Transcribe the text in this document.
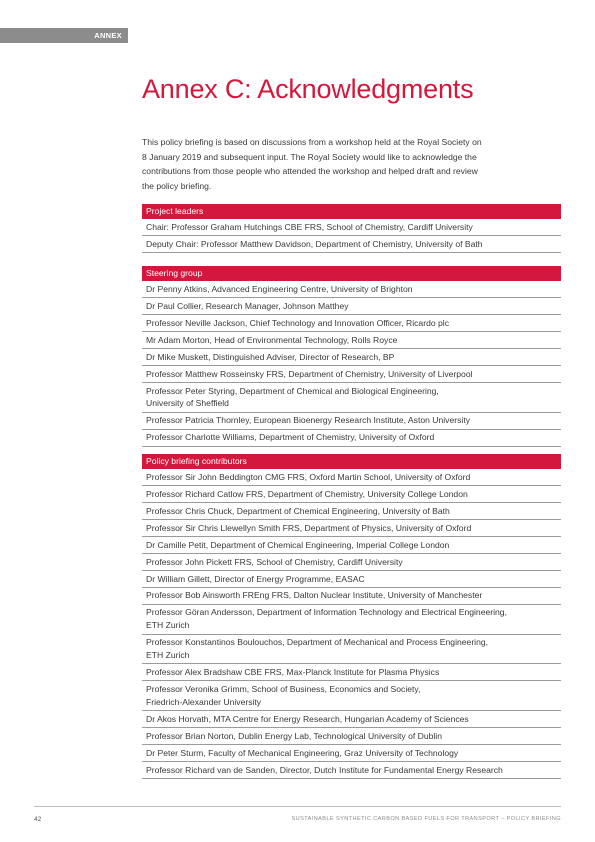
ANNEX
Annex C: Acknowledgments

This policy briefing is based on discussions from a workshop held at the Royal Society on
8 January 2019 and subsequent input. The Royal Society would like to acknowledge the
contributions from those people who attended the workshop and helped draft and review
the policy briefing.

Project leaders
Chair: Professor Graham Hutchings CBE FRS, School of Chemistry, Cardiff University
Deputy Chair: Professor Matthew Davidson, Department of Chemistry, University of Bath
Steering group
Dr Penny Atkins, Advanced Engineering Centre, University of Brighton
Dr Paul Collier, Research Manager, Johnson Matthey
Professor Neville Jackson, Chief Technology and Innovation Officer, Ricardo plc
Mr Adam Morton, Head of Environmental Technology, Rolls Royce
Dr Mike Muskett, Distinguished Adviser, Director of Research, BP
Professor Matthew Rosseinsky FRS, Department of Chemistry, University of Liverpool
Professor Peter Styring, Department of Chemical and Biological Engineering,
University of Sheffield
Professor Patricia Thornley, European Bioenergy Research Institute, Aston University
Professor Charlotte Williams, Department of Chemistry, University of Oxford
Policy briefing contributors
Professor Sir John Beddington CMG FRS, Oxford Martin School, University of Oxford
Professor Richard Catlow FRS, Department of Chemistry, University College London
Professor Chris Chuck, Department of Chemical Engineering, University of Bath
Professor Sir Chris Llewellyn Smith FRS, Department of Physics, University of Oxford
Dr Camille Petit, Department of Chemical Engineering, Imperial College London
Professor John Pickett FRS, School of Chemistry, Cardiff University
Dr William Gillett, Director of Energy Programme, EASAC
Professor Bob Ainsworth FREng FRS, Dalton Nuclear Institute, University of Manchester
Professor Göran Andersson, Department of Information Technology and Electrical Engineering,
ETH Zurich
Professor Konstantinos Boulouchos, Department of Mechanical and Process Engineering,
ETH Zurich
Professor Alex Bradshaw CBE FRS, Max-Planck Institute for Plasma Physics
Professor Veronika Grimm, School of Business, Economics and Society,
Friedrich-Alexander University
Dr Akos Horvath, MTA Centre for Energy Research, Hungarian Academy of Sciences
Professor Brian Norton, Dublin Energy Lab, Technological University of Dublin
Dr Peter Sturm, Faculty of Mechanical Engineering, Graz University of Technology
Professor Richard van de Sanden, Director, Dutch Institute for Fundamental Energy Research
42	SUSTAINABLE SYNTHETIC CARBON BASED FUELS FOR TRANSPORT – POLICY BRIEFING
